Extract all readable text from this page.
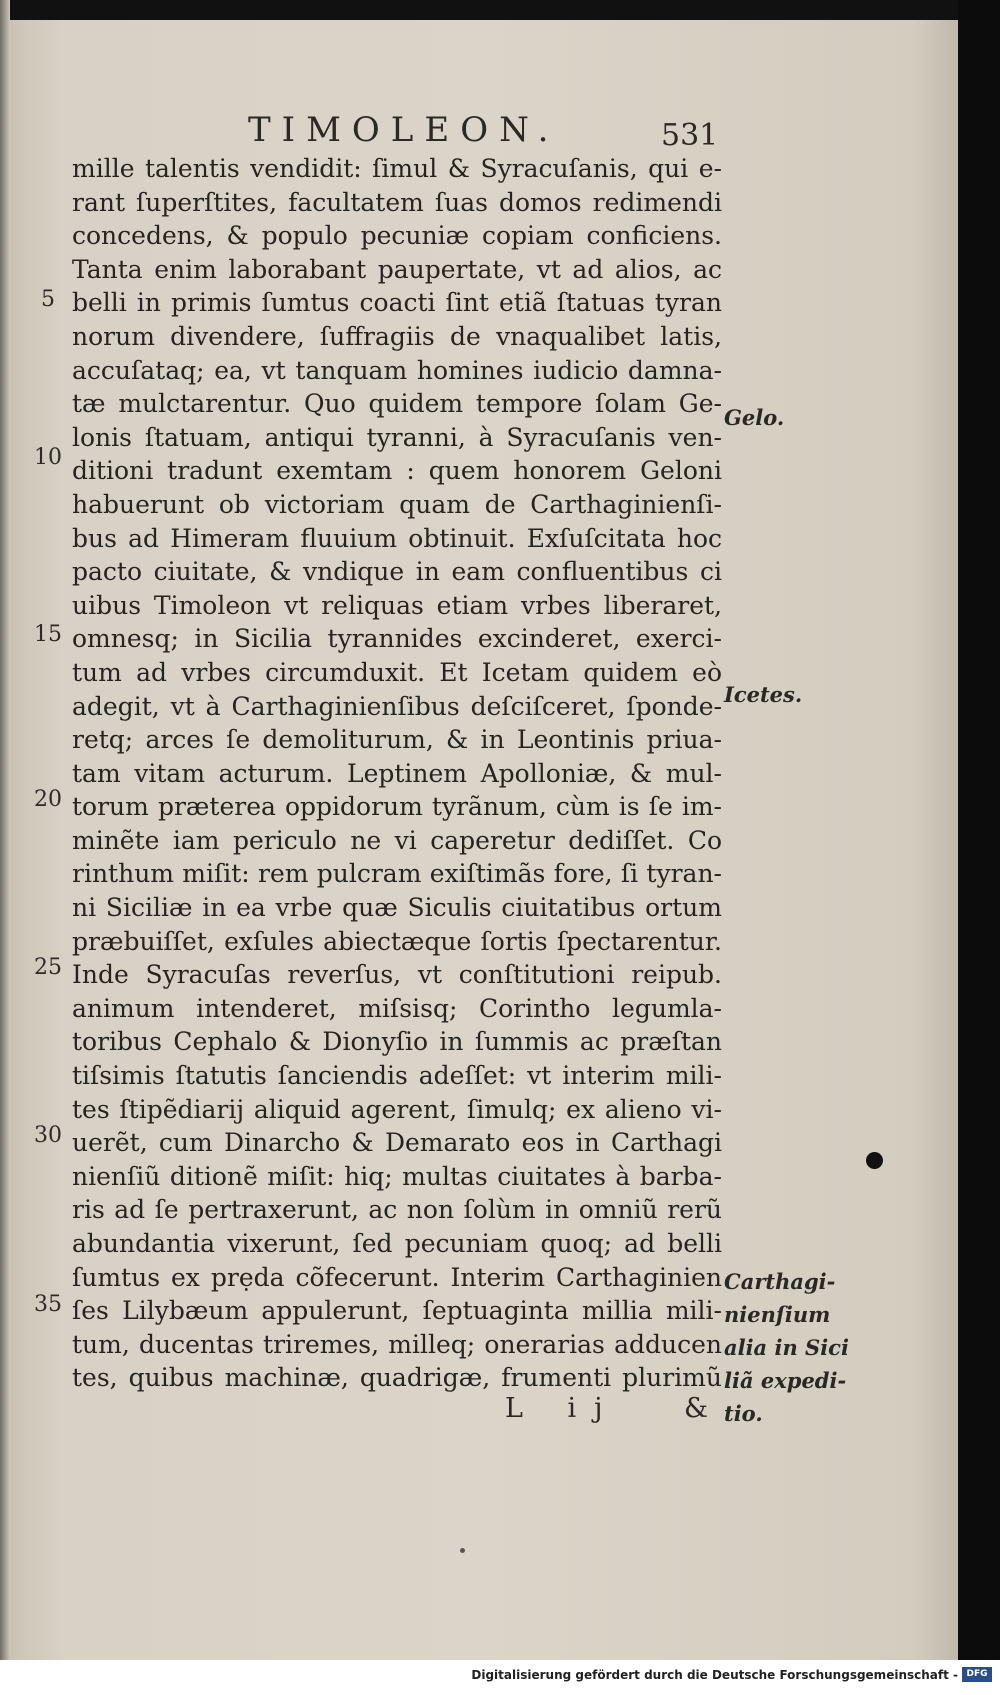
TIMOLEON.	531
mille talentis vendidit: ſimul & Syracuſanis, qui e-
rant ſuperſtites, facultatem ſuas domos redimendi
concedens, & populo pecuniæ copiam conficiens.
Tanta enim laborabant paupertate, vt ad alios, ac
belli in primis ſumtus coacti ſint etiã ſtatuas tyran
norum divendere, ſuffragiis de vnaqualibet latis,
accuſataq; ea, vt tanquam homines iudicio damna-
tæ mulctarentur. Quo quidem tempore ſolam Ge-
lonis ſtatuam, antiqui tyranni, à Syracuſanis ven-
ditioni tradunt exemtam : quem honorem Geloni
habuerunt ob victoriam quam de Carthaginienſi-
bus ad Himeram fluuium obtinuit. Exſuſcitata hoc
pacto ciuitate, & vndique in eam confluentibus ci
uibus Timoleon vt reliquas etiam vrbes liberaret,
omnesq; in Sicilia tyrannides excinderet, exerci-
tum ad vrbes circumduxit. Et Icetam quidem eò
adegit, vt à Carthaginienſibus deſciſceret, ſponde-
retq; arces ſe demoliturum, & in Leontinis priua-
tam vitam acturum. Leptinem Apolloniæ, & mul-
torum præterea oppidorum tyrãnum, cùm is ſe im-
minẽte iam periculo ne vi caperetur dediſſet. Co
rinthum miſit: rem pulcram exiſtimãs fore, ſi tyran-
ni Siciliæ in ea vrbe quæ Siculis ciuitatibus ortum
præbuiſſet, exſules abiectæque ſortis ſpectarentur.
Inde Syracuſas reverſus, vt conſtitutioni reipub.
animum intenderet, miſsisq; Corintho legumla-
toribus Cephalo & Dionyſio in ſummis ac præſtan
tiſsimis ſtatutis ſanciendis adeſſet: vt interim mili-
tes ſtipẽdiarij aliquid agerent, ſimulq; ex alieno vi-
uerẽt, cum Dinarcho & Demarato eos in Carthagi
nienſiũ ditionẽ miſit: hiq; multas ciuitates à barba-
ris ad ſe pertraxerunt, ac non ſolùm in omniũ rerũ
abundantia vixerunt, ſed pecuniam quoq; ad belli
ſumtus ex prẹda cõfecerunt. Interim Carthaginien
ſes Lilybæum appulerunt, ſeptuaginta millia mili-
tum, ducentas triremes, milleq; onerarias adducen
tes, quibus machinæ, quadrigæ, frumenti plurimũ
5
10
15
20
25
30
35
Gelo.
Icetes.
Carthagi-
nienſium
alia in Sici
liã expedi-
tio.
L ij &
Digitalisierung gefördert durch die Deutsche Forschungsgemeinschaft - DFG
